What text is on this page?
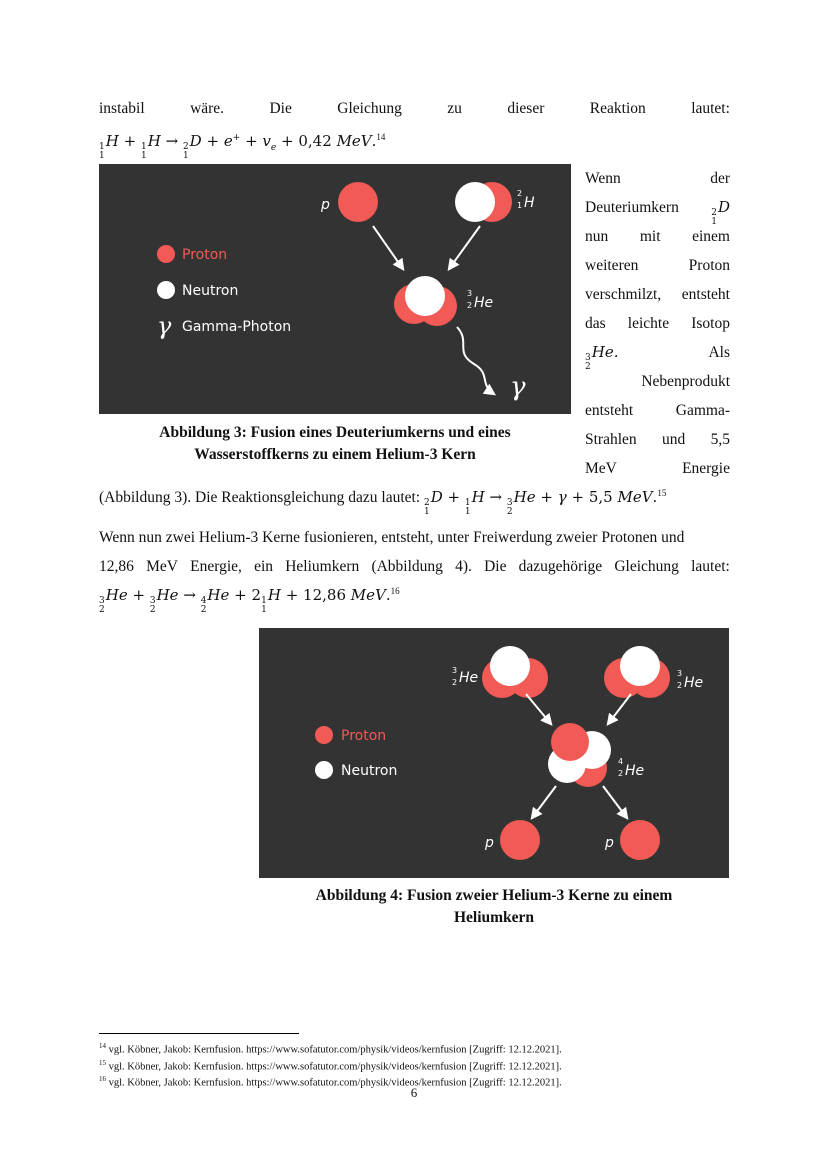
instabil	wäre.	Die	Gleichung	zu	dieser	Reaktion	lautet:
1
1
H + 1
1
H → 2
1
$D + e^+ + v_e + 0,42$ MeV.$^{14}$
Proton
Neutron
γ Gamma-Photon
p
2
1 H
3
2 He
γ
Wenn	der
Deuteriumkern	2
1
D
nun mit einem
weiteren	Proton
verschmilzt, entsteht
das leichte Isotop
3
2
He.	Als
Nebenprodukt
entsteht	Gamma-
Strahlen und 5,5
MeV	Energie
Abbildung 3: Fusion eines Deuteriumkerns und eines
Wasserstoffkerns zu einem Helium-3 Kern
(Abbildung 3). Die Reaktionsgleichung dazu lautet: 2
1
D + 1
1
H → 3
2
He + γ + 5,5 MeV.$^{15}$
Wenn nun zwei Helium-3 Kerne fusionieren, entsteht, unter Freiwerdung zweier Protonen und
12,86 MeV Energie, ein Heliumkern (Abbildung 4). Die dazugehörige Gleichung lautet:
3
2
He + 3
2
He → 4
2
He + 2 1
1
H + 12,86 MeV.$^{16}$
Proton
Neutron
3
2 He	3
2 He
4
2 He
p	p
Abbildung 4: Fusion zweier Helium-3 Kerne zu einem
Heliumkern
$^{14}$ vgl. Köbner, Jakob: Kernfusion. https://www.sofatutor.com/physik/videos/kernfusion [Zugriff: 12.12.2021].
$^{15}$ vgl. Köbner, Jakob: Kernfusion. https://www.sofatutor.com/physik/videos/kernfusion [Zugriff: 12.12.2021].
$^{16}$ vgl. Köbner, Jakob: Kernfusion. https://www.sofatutor.com/physik/videos/kernfusion [Zugriff: 12.12.2021].
6
